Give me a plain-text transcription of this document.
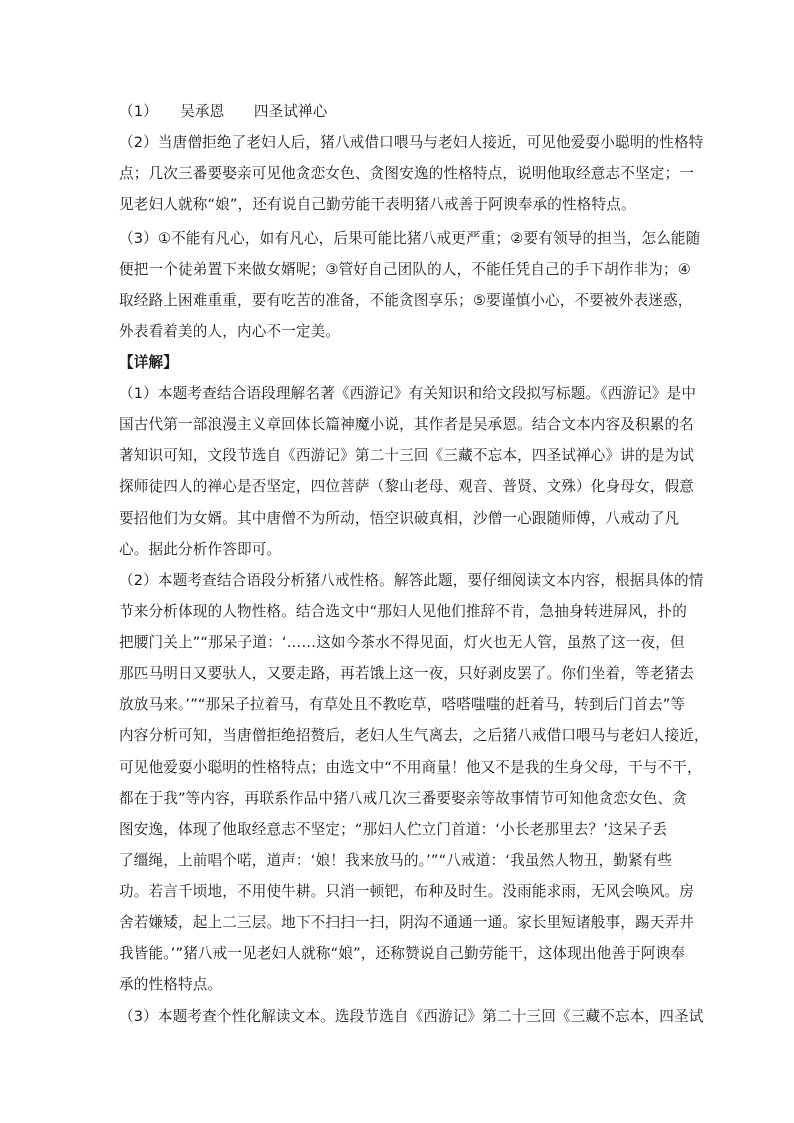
（1）　　吴承恩　　四圣试禅心
（2）当唐僧拒绝了老妇人后，猪八戒借口喂马与老妇人接近，可见他爱耍小聪明的性格特
点；几次三番要娶亲可见他贪恋女色、贪图安逸的性格特点，说明他取经意志不坚定；一
见老妇人就称“娘”，还有说自己勤劳能干表明猪八戒善于阿谀奉承的性格特点。
（3）①不能有凡心，如有凡心，后果可能比猪八戒更严重；②要有领导的担当，怎么能随
便把一个徒弟置下来做女婿呢；③管好自己团队的人，不能任凭自己的手下胡作非为；④
取经路上困难重重，要有吃苦的准备，不能贪图享乐；⑤要谨慎小心，不要被外表迷惑，
外表看着美的人，内心不一定美。
【详解】
（1）本题考查结合语段理解名著《西游记》有关知识和给文段拟写标题。《西游记》是中
国古代第一部浪漫主义章回体长篇神魔小说，其作者是吴承恩。结合文本内容及积累的名
著知识可知，文段节选自《西游记》第二十三回《三藏不忘本，四圣试禅心》讲的是为试
探师徒四人的禅心是否坚定，四位菩萨（黎山老母、观音、普贤、文殊）化身母女，假意
要招他们为女婿。其中唐僧不为所动，悟空识破真相，沙僧一心跟随师傅，八戒动了凡
心。据此分析作答即可。
（2）本题考查结合语段分析猪八戒性格。解答此题，要仔细阅读文本内容，根据具体的情
节来分析体现的人物性格。结合选文中“那妇人见他们推辞不肯，急抽身转进屏风，扑的
把腰门关上”“那呆子道：‘……这如今茶水不得见面，灯火也无人管，虽熬了这一夜，但
那匹马明日又要驮人，又要走路，再若饿上这一夜，只好剥皮罢了。你们坐着，等老猪去
放放马来。’”“那呆子拉着马，有草处且不教吃草，嗒嗒嗤嗤的赶着马，转到后门首去”等
内容分析可知，当唐僧拒绝招赘后，老妇人生气离去，之后猪八戒借口喂马与老妇人接近，
可见他爱耍小聪明的性格特点；由选文中“不用商量！他又不是我的生身父母，干与不干，
都在于我”等内容，再联系作品中猪八戒几次三番要娶亲等故事情节可知他贪恋女色、贪
图安逸，体现了他取经意志不坚定；“那妇人伫立门首道：‘小长老那里去？’这呆子丢
了缰绳，上前唱个喏，道声：‘娘！我来放马的。’”“八戒道：‘我虽然人物丑，勤紧有些
功。若言千顷地，不用使牛耕。只消一顿钯，布种及时生。没雨能求雨，无风会唤风。房
舍若嫌矮，起上二三层。地下不扫扫一扫，阴沟不通通一通。家长里短诸般事，踢天弄井
我皆能。’”猪八戒一见老妇人就称“娘”，还称赞说自己勤劳能干，这体现出他善于阿谀奉
承的性格特点。
（3）本题考查个性化解读文本。选段节选自《西游记》第二十三回《三藏不忘本，四圣试
